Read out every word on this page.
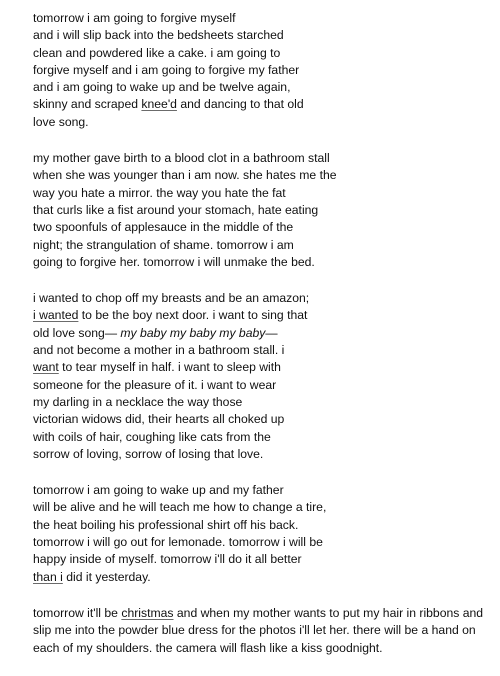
tomorrow i am going to forgive myself
and i will slip back into the bedsheets starched
clean and powdered like a cake. i am going to
forgive myself and i am going to forgive my father
and i am going to wake up and be twelve again,
skinny and scraped knee'd and dancing to that old
love song.
my mother gave birth to a blood clot in a bathroom stall
when she was younger than i am now. she hates me the
way you hate a mirror. the way you hate the fat
that curls like a fist around your stomach, hate eating
two spoonfuls of applesauce in the middle of the
night; the strangulation of shame. tomorrow i am
going to forgive her. tomorrow i will unmake the bed.
i wanted to chop off my breasts and be an amazon;
i wanted to be the boy next door. i want to sing that
old love song— my baby my baby my baby—
and not become a mother in a bathroom stall. i
want to tear myself in half. i want to sleep with
someone for the pleasure of it. i want to wear
my darling in a necklace the way those
victorian widows did, their hearts all choked up
with coils of hair, coughing like cats from the
sorrow of loving, sorrow of losing that love.
tomorrow i am going to wake up and my father
will be alive and he will teach me how to change a tire,
the heat boiling his professional shirt off his back.
tomorrow i will go out for lemonade. tomorrow i will be
happy inside of myself. tomorrow i'll do it all better
than i did it yesterday.
tomorrow it'll be christmas and when my mother wants to put my hair in ribbons and
slip me into the powder blue dress for the photos i'll let her. there will be a hand on
each of my shoulders. the camera will flash like a kiss goodnight.
